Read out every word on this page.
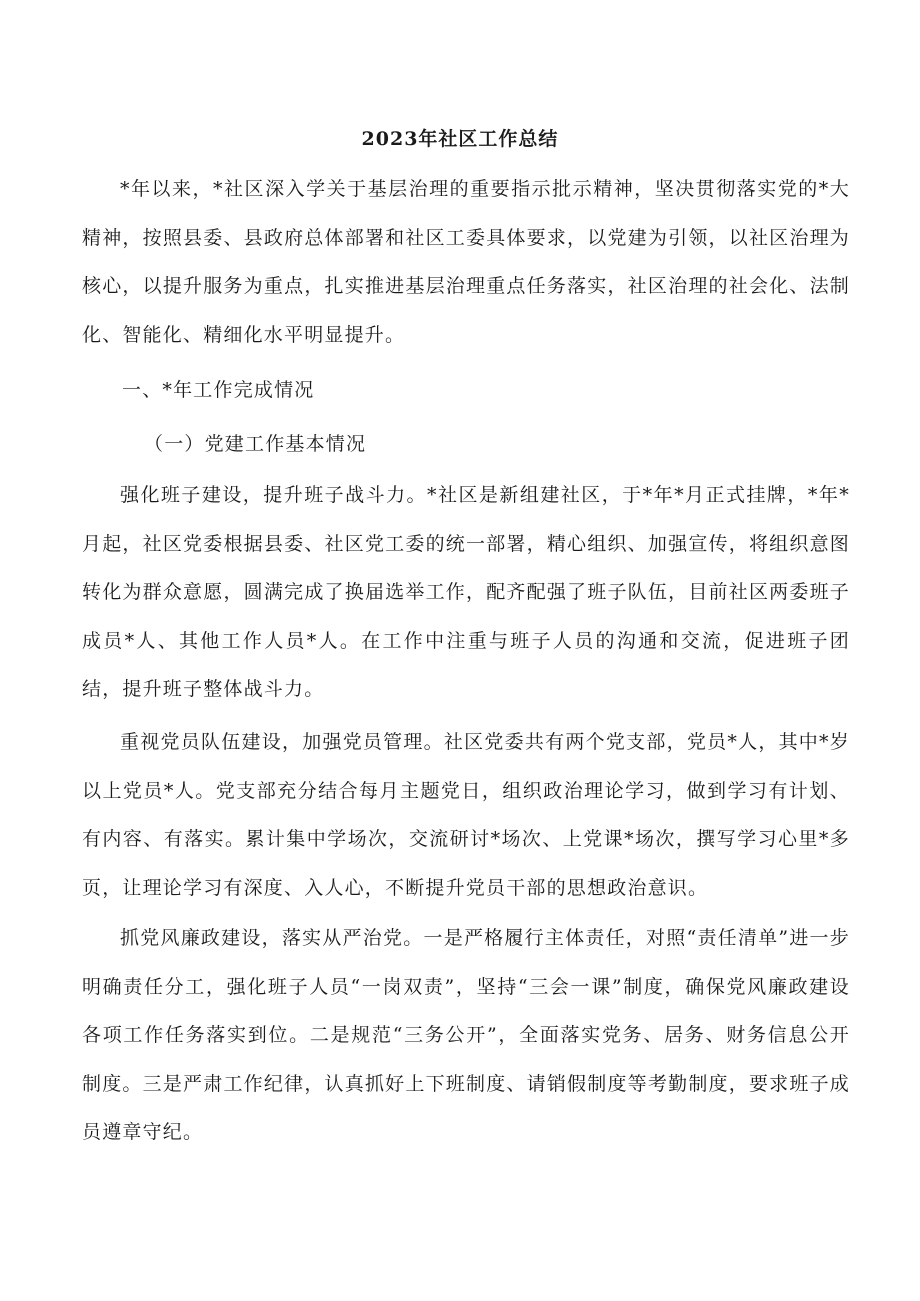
2023年社区工作总结

*年以来，*社区深入学关于基层治理的重要指示批示精神，坚决贯彻落实党的*大精神，按照县委、县政府总体部署和社区工委具体要求，以党建为引领，以社区治理为核心，以提升服务为重点，扎实推进基层治理重点任务落实，社区治理的社会化、法制化、智能化、精细化水平明显提升。

一、*年工作完成情况
（一）党建工作基本情况

强化班子建设，提升班子战斗力。*社区是新组建社区，于*年*月正式挂牌，*年*月起，社区党委根据县委、社区党工委的统一部署，精心组织、加强宣传，将组织意图转化为群众意愿，圆满完成了换届选举工作，配齐配强了班子队伍，目前社区两委班子成员*人、其他工作人员*人。在工作中注重与班子人员的沟通和交流，促进班子团结，提升班子整体战斗力。

重视党员队伍建设，加强党员管理。社区党委共有两个党支部，党员*人，其中*岁以上党员*人。党支部充分结合每月主题党日，组织政治理论学习，做到学习有计划、有内容、有落实。累计集中学场次，交流研讨*场次、上党课*场次，撰写学习心里*多页，让理论学习有深度、入人心，不断提升党员干部的思想政治意识。

抓党风廉政建设，落实从严治党。一是严格履行主体责任，对照“责任清单”进一步明确责任分工，强化班子人员“一岗双责”，坚持“三会一课”制度，确保党风廉政建设各项工作任务落实到位。二是规范“三务公开”，全面落实党务、居务、财务信息公开制度。三是严肃工作纪律，认真抓好上下班制度、请销假制度等考勤制度，要求班子成员遵章守纪。
